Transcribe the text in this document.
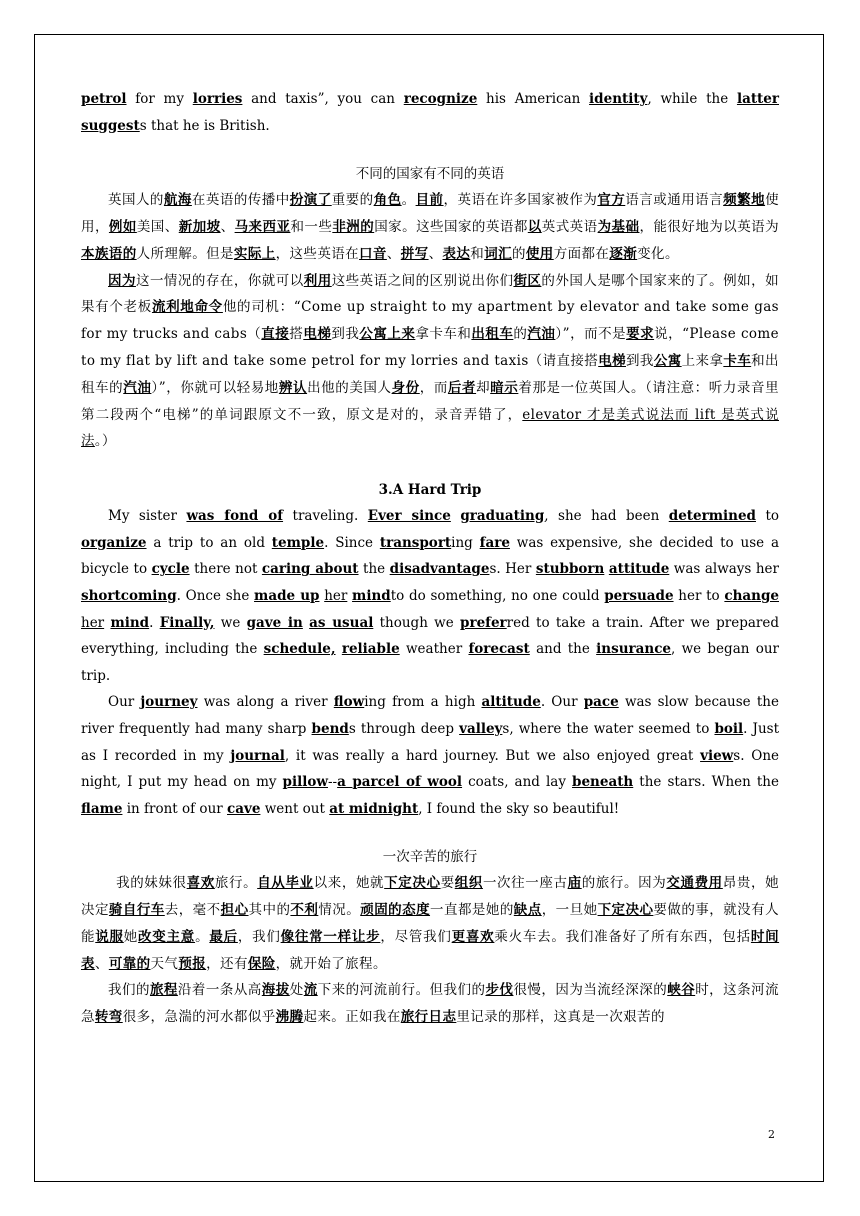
petrol for my lorries and taxis”, you can recognize his American identity, while the latter suggests that he is British.

不同的国家有不同的英语

英国人的航海在英语的传播中扮演了重要的角色。目前，英语在许多国家被作为官方语言或通用语言频繁地使用，例如美国、新加坡、马来西亚和一些非洲的国家。这些国家的英语都以英式英语为基础，能很好地为以英语为本族语的人所理解。但是实际上，这些英语在口音、拼写、表达和词汇的使用方面都在逐渐变化。

因为这一情况的存在，你就可以利用这些英语之间的区别说出你们街区的外国人是哪个国家来的了。例如，如果有个老板流利地命令他的司机：“Come up straight to my apartment by elevator and take some gas for my trucks and cabs（直接搭电梯到我公寓上来拿卡车和出租车的汽油）”，而不是要求说，“Please come to my flat by lift and take some petrol for my lorries and taxis（请直接搭电梯到我公寓上来拿卡车和出租车的汽油）”，你就可以轻易地辨认出他的美国人身份，而后者却暗示着那是一位英国人。（请注意：听力录音里第二段两个“电梯”的单词跟原文不一致，原文是对的，录音弄错了，elevator 才是美式说法而 lift 是英式说法。）

3.A Hard Trip

My sister was fond of traveling. Ever since graduating, she had been determined to organize a trip to an old temple. Since transporting fare was expensive, she decided to use a bicycle to cycle there not caring about the disadvantages. Her stubborn attitude was always her shortcoming. Once she made up her mindto do something, no one could persuade her to change her mind. Finally, we gave in as usual though we preferred to take a train. After we prepared everything, including the schedule, reliable weather forecast and the insurance, we began our trip.

Our journey was along a river flowing from a high altitude. Our pace was slow because the river frequently had many sharp bends through deep valleys, where the water seemed to boil. Just as I recorded in my journal, it was really a hard journey. But we also enjoyed great views. One night, I put my head on my pillow--a parcel of wool coats, and lay beneath the stars. When the flame in front of our cave went out at midnight, I found the sky so beautiful!

一次辛苦的旅行

我的妹妹很喜欢旅行。自从毕业以来，她就下定决心要组织一次往一座古庙的旅行。因为交通费用昂贵，她决定骑自行车去，毫不担心其中的不利情况。顽固的态度一直都是她的缺点，一旦她下定决心要做的事，就没有人能说服她改变主意。最后，我们像往常一样让步，尽管我们更喜欢乘火车去。我们准备好了所有东西，包括时间表、可靠的天气预报，还有保险，就开始了旅程。

我们的旅程沿着一条从高海拔处流下来的河流前行。但我们的步伐很慢，因为当流经深深的峡谷时，这条河流急转弯很多，急湍的河水都似乎沸腾起来。正如我在旅行日志里记录的那样，这真是一次艰苦的

2
